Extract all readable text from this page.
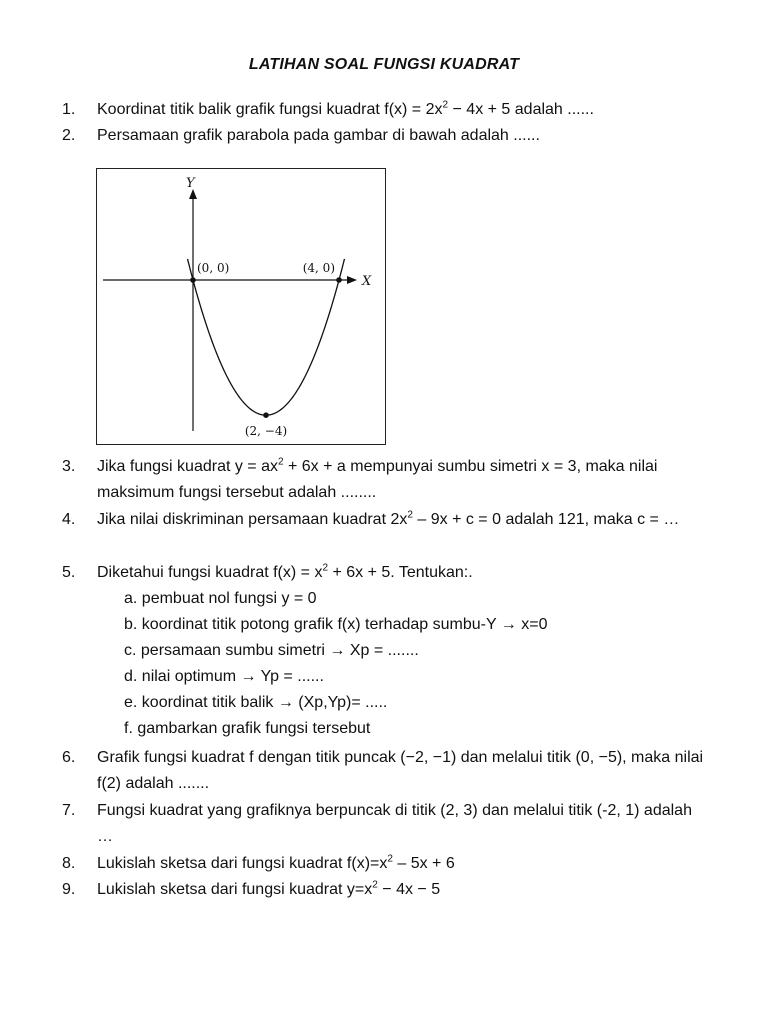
LATIHAN SOAL FUNGSI KUADRAT
1.	Koordinat titik balik grafik fungsi kuadrat $f(x) = 2x^2 - 4x + 5$ adalah ......
2.	Persamaan grafik parabola pada gambar di bawah adalah ......
Y
X
(0, 0)	(4, 0)
(2, −4)
3.	Jika fungsi kuadrat $y = ax^2 + 6x + a$ mempunyai sumbu simetri x = 3, maka nilai maksimum fungsi tersebut adalah ........
4.	Jika nilai diskriminan persamaan kuadrat $2x^2 - 9x + c = 0$ adalah 121, maka c = …
5.	Diketahui fungsi kuadrat $f(x) = x^2 + 6x + 5$. Tentukan:.
a. pembuat nol fungsi y = 0
b. koordinat titik potong grafik f(x) terhadap sumbu-Y → x=0
c. persamaan sumbu simetri → Xp = .......
d. nilai optimum → Yp = ......
e. koordinat titik balik → (Xp,Yp)= .....
f. gambarkan grafik fungsi tersebut
6.	Grafik fungsi kuadrat f dengan titik puncak (−2, −1) dan melalui titik (0, −5), maka nilai f(2) adalah .......
7.	Fungsi kuadrat yang grafiknya berpuncak di titik (2, 3) dan melalui titik (-2, 1) adalah …
8.	Lukislah sketsa dari fungsi kuadrat $f(x)=x^2 - 5x + 6$
9.	Lukislah sketsa dari fungsi kuadrat $y=x^2 - 4x - 5$
